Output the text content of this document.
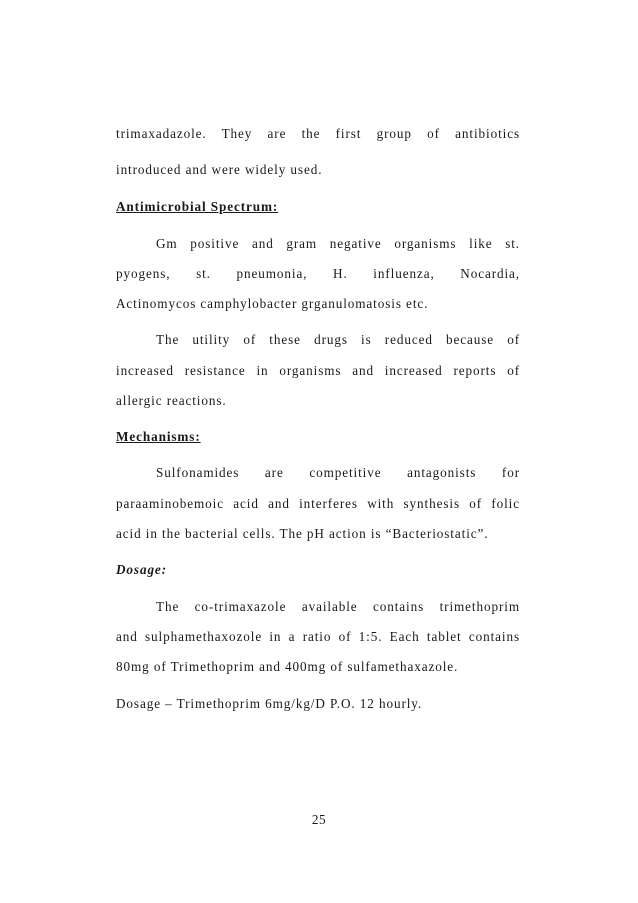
trimaxadazole. They are the first group of antibiotics
introduced and were widely used.
Antimicrobial Spectrum:
Gm positive and gram negative organisms like st.
pyogens, st. pneumonia, H. influenza, Nocardia,
Actinomycos camphylobacter grganulomatosis etc.
The utility of these drugs is reduced because of
increased resistance in organisms and increased reports of
allergic reactions.
Mechanisms:
Sulfonamides are competitive antagonists for
paraaminobemoic acid and interferes with synthesis of folic
acid in the bacterial cells. The pH action is “Bacteriostatic”.
Dosage:
The co-trimaxazole available contains trimethoprim
and sulphamethaxozole in a ratio of 1:5. Each tablet contains
80mg of Trimethoprim and 400mg of sulfamethaxazole.
Dosage – Trimethoprim 6mg/kg/D P.O. 12 hourly.
25
